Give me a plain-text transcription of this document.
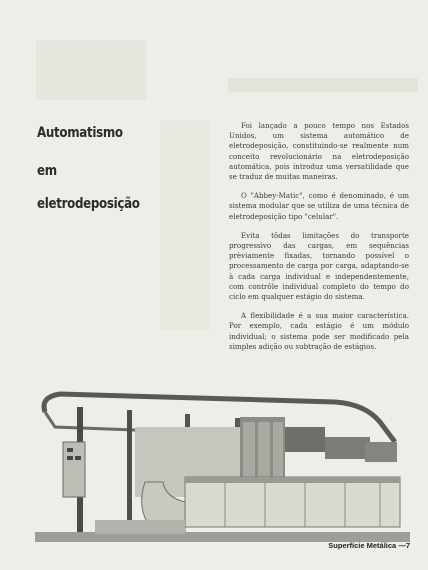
Automatismo
em
eletrodeposição

Foi lançado a pouco tempo nos Estados Unidos, um sistema automático de eletrodeposição, constituindo-se realmente num conceito revolucionário na eletrodeposição automática, pois introduz uma versatilidade que se traduz de muitas maneiras.

O "Abbey-Matic", como é denominado, é um sistema modular que se utiliza de uma técnica de eletrodeposição tipo "celular".

Evita tôdas limitações do transporte progressivo das cargas, em sequências prèviamente fixadas, tornando possível o processamento de carga por carga, adaptando-se à cada carga individual e independentemente, com contrôle individual completo do tempo do ciclo em qualquer estágio do sistema.

A flexibilidade é a sua maior característica. Por exemplo, cada estágio é um módulo individual; o sistema pode ser modificado pela simples adição ou subtração de estágios.

Superfície Metálica —7
